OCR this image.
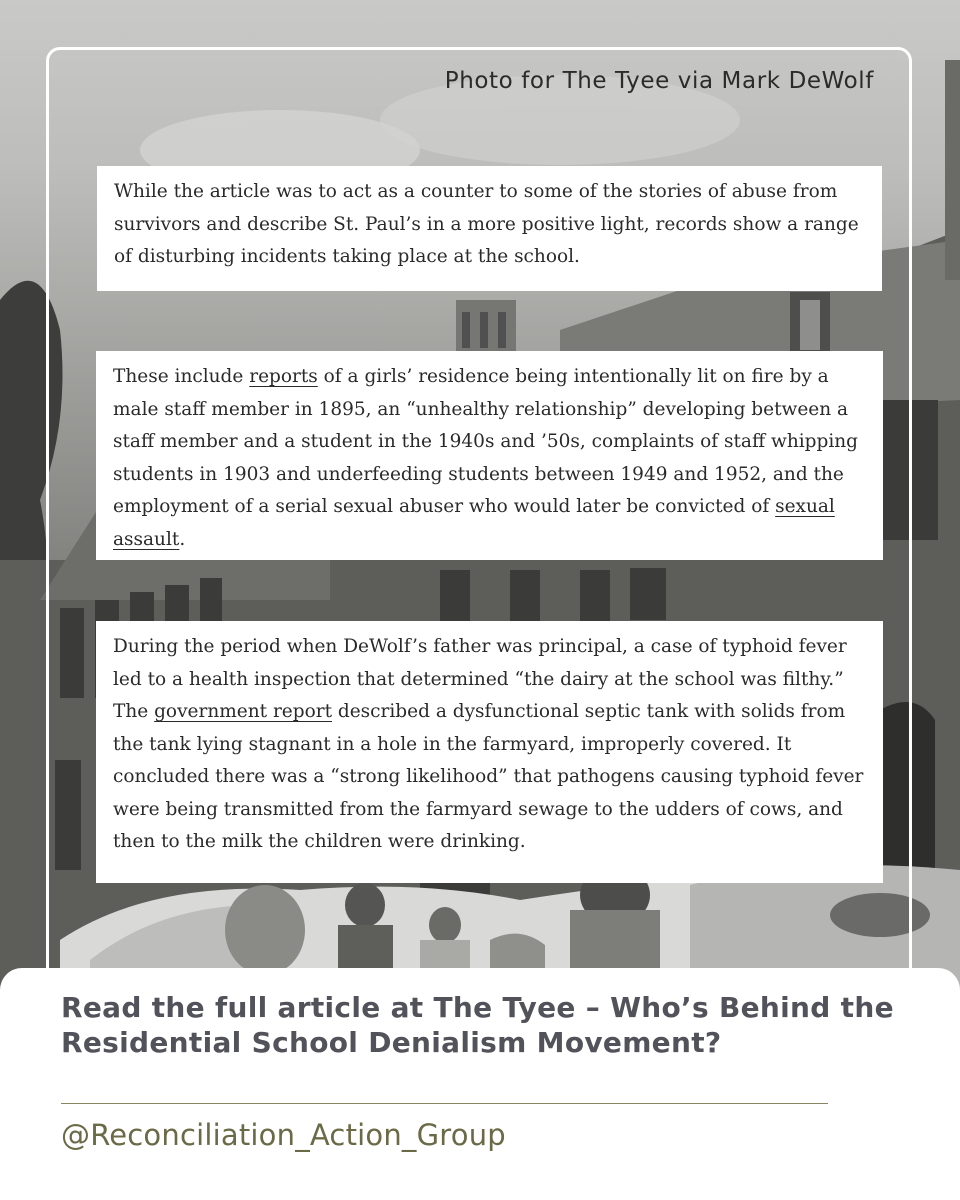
Photo for The Tyee via Mark DeWolf
While the article was to act as a counter to some of the stories of abuse from survivors and describe St. Paul’s in a more positive light, records show a range of disturbing incidents taking place at the school.
These include reports of a girls’ residence being intentionally lit on fire by a male staff member in 1895, an “unhealthy relationship” developing between a staff member and a student in the 1940s and ’50s, complaints of staff whipping students in 1903 and underfeeding students between 1949 and 1952, and the employment of a serial sexual abuser who would later be convicted of sexual assault.
During the period when DeWolf’s father was principal, a case of typhoid fever led to a health inspection that determined “the dairy at the school was filthy.” The government report described a dysfunctional septic tank with solids from the tank lying stagnant in a hole in the farmyard, improperly covered. It concluded there was a “strong likelihood” that pathogens causing typhoid fever were being transmitted from the farmyard sewage to the udders of cows, and then to the milk the children were drinking.
Read the full article at The Tyee – Who’s Behind the Residential School Denialism Movement?
@Reconciliation_Action_Group
